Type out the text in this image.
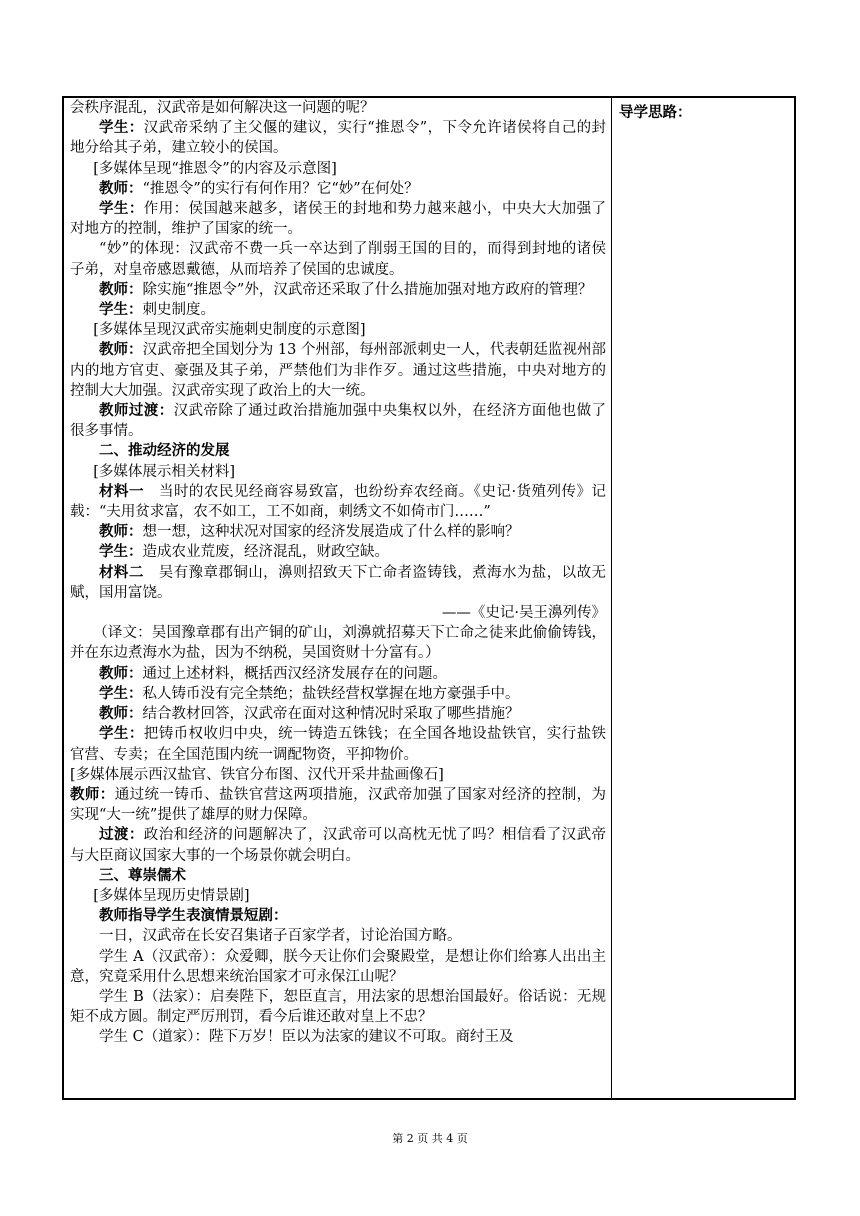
会秩序混乱，汉武帝是如何解决这一问题的呢？

学生：汉武帝采纳了主父偃的建议，实行“推恩令”，下令允许诸侯将自己的封地分给其子弟，建立较小的侯国。

[多媒体呈现“推恩令”的内容及示意图]

教师：“推恩令”的实行有何作用？它“妙”在何处？

学生：作用：侯国越来越多，诸侯王的封地和势力越来越小，中央大大加强了对地方的控制，维护了国家的统一。

“妙”的体现：汉武帝不费一兵一卒达到了削弱王国的目的，而得到封地的诸侯子弟，对皇帝感恩戴德，从而培养了侯国的忠诚度。

教师：除实施“推恩令”外，汉武帝还采取了什么措施加强对地方政府的管理？

学生：刺史制度。

[多媒体呈现汉武帝实施刺史制度的示意图]

教师：汉武帝把全国划分为 13 个州部，每州部派刺史一人，代表朝廷监视州部内的地方官吏、豪强及其子弟，严禁他们为非作歹。通过这些措施，中央对地方的控制大大加强。汉武帝实现了政治上的大一统。

教师过渡：汉武帝除了通过政治措施加强中央集权以外，在经济方面他也做了很多事情。

二、推动经济的发展

[多媒体展示相关材料]

材料一　当时的农民见经商容易致富，也纷纷弃农经商。《史记·货殖列传》记载：“夫用贫求富，农不如工，工不如商，刺绣文不如倚市门……”

教师：想一想，这种状况对国家的经济发展造成了什么样的影响？

学生：造成农业荒废，经济混乱，财政空缺。

材料二　吴有豫章郡铜山，濞则招致天下亡命者盗铸钱，煮海水为盐，以故无赋，国用富饶。

——《史记·吴王濞列传》

（译文：吴国豫章郡有出产铜的矿山，刘濞就招募天下亡命之徒来此偷偷铸钱，并在东边煮海水为盐，因为不纳税，吴国资财十分富有。）

教师：通过上述材料，概括西汉经济发展存在的问题。

学生：私人铸币没有完全禁绝；盐铁经营权掌握在地方豪强手中。

教师：结合教材回答，汉武帝在面对这种情况时采取了哪些措施？

学生：把铸币权收归中央，统一铸造五铢钱；在全国各地设盐铁官，实行盐铁官营、专卖；在全国范围内统一调配物资，平抑物价。

[多媒体展示西汉盐官、铁官分布图、汉代开采井盐画像石]

教师：通过统一铸币、盐铁官营这两项措施，汉武帝加强了国家对经济的控制，为实现“大一统”提供了雄厚的财力保障。

过渡：政治和经济的问题解决了，汉武帝可以高枕无忧了吗？相信看了汉武帝与大臣商议国家大事的一个场景你就会明白。

三、尊崇儒术

[多媒体呈现历史情景剧]

教师指导学生表演情景短剧：

一日，汉武帝在长安召集诸子百家学者，讨论治国方略。

学生 A（汉武帝）：众爱卿，朕今天让你们会聚殿堂，是想让你们给寡人出出主意，究竟采用什么思想来统治国家才可永保江山呢？

学生 B（法家）：启奏陛下，恕臣直言，用法家的思想治国最好。俗话说：无规矩不成方圆。制定严厉刑罚，看今后谁还敢对皇上不忠？

学生 C（道家）：陛下万岁！臣以为法家的建议不可取。商纣王及

导学思路：
第 2 页 共 4 页
